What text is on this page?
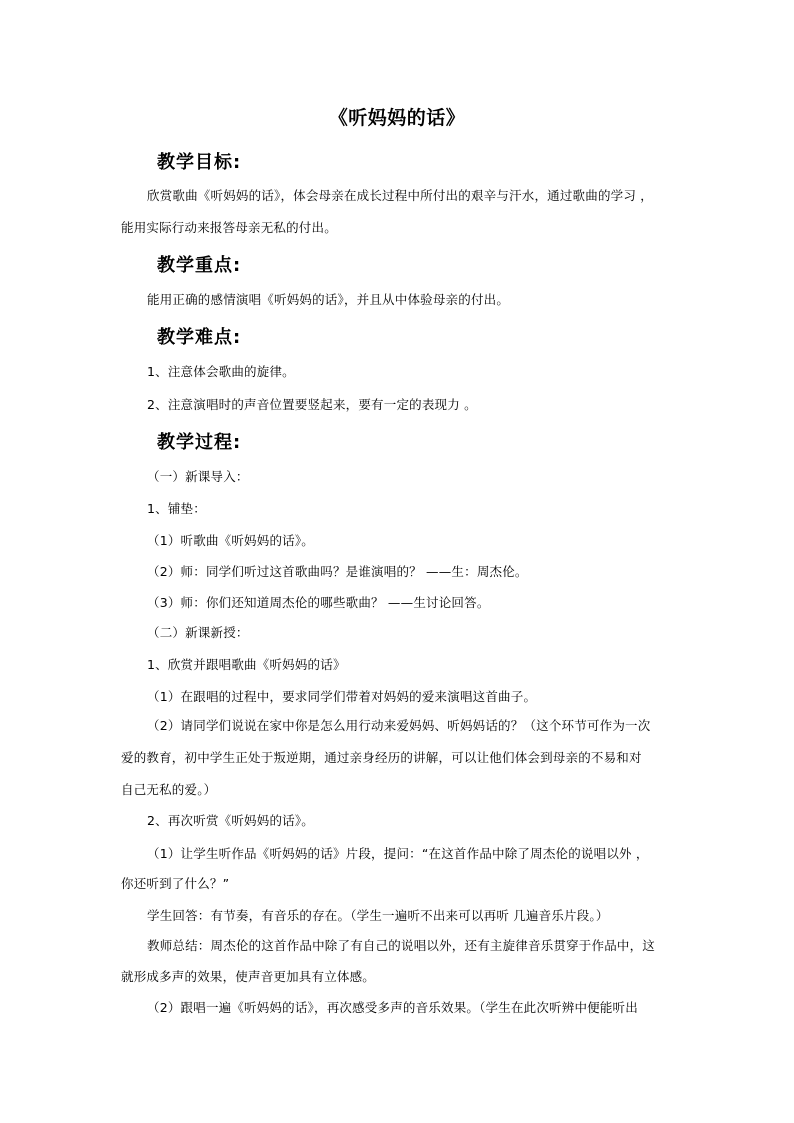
《听妈妈的话》
教学目标:
欣赏歌曲《听妈妈的话》，体会母亲在成长过程中所付出的艰辛与汗水，通过歌曲的学习 ，
能用实际行动来报答母亲无私的付出。
教学重点:
能用正确的感情演唱《听妈妈的话》，并且从中体验母亲的付出。
教学难点:
1、注意体会歌曲的旋律。
2、注意演唱时的声音位置要竖起来，要有一定的表现力 。
教学过程:
（一）新课导入：
1、铺垫：
（1）听歌曲《听妈妈的话》。
（2）师：同学们听过这首歌曲吗？是谁演唱的？ ——生：周杰伦。
（3）师：你们还知道周杰伦的哪些歌曲？ ——生讨论回答。
（二）新课新授：
1、欣赏并跟唱歌曲《听妈妈的话》
（1）在跟唱的过程中，要求同学们带着对妈妈的爱来演唱这首曲子。
（2）请同学们说说在家中你是怎么用行动来爱妈妈、听妈妈话的？（这个环节可作为一次
爱的教育，初中学生正处于叛逆期，通过亲身经历的讲解，可以让他们体会到母亲的不易和对
自己无私的爱。）
2、再次听赏《听妈妈的话》。
（1）让学生听作品《听妈妈的话》片段，提问：“在这首作品中除了周杰伦的说唱以外 ，
你还听到了什么？”
学生回答：有节奏，有音乐的存在。（学生一遍听不出来可以再听 几遍音乐片段。）
教师总结：周杰伦的这首作品中除了有自己的说唱以外，还有主旋律音乐贯穿于作品中，这
就形成多声的效果，使声音更加具有立体感。
（2）跟唱一遍《听妈妈的话》，再次感受多声的音乐效果。（学生在此次听辨中便能听出
